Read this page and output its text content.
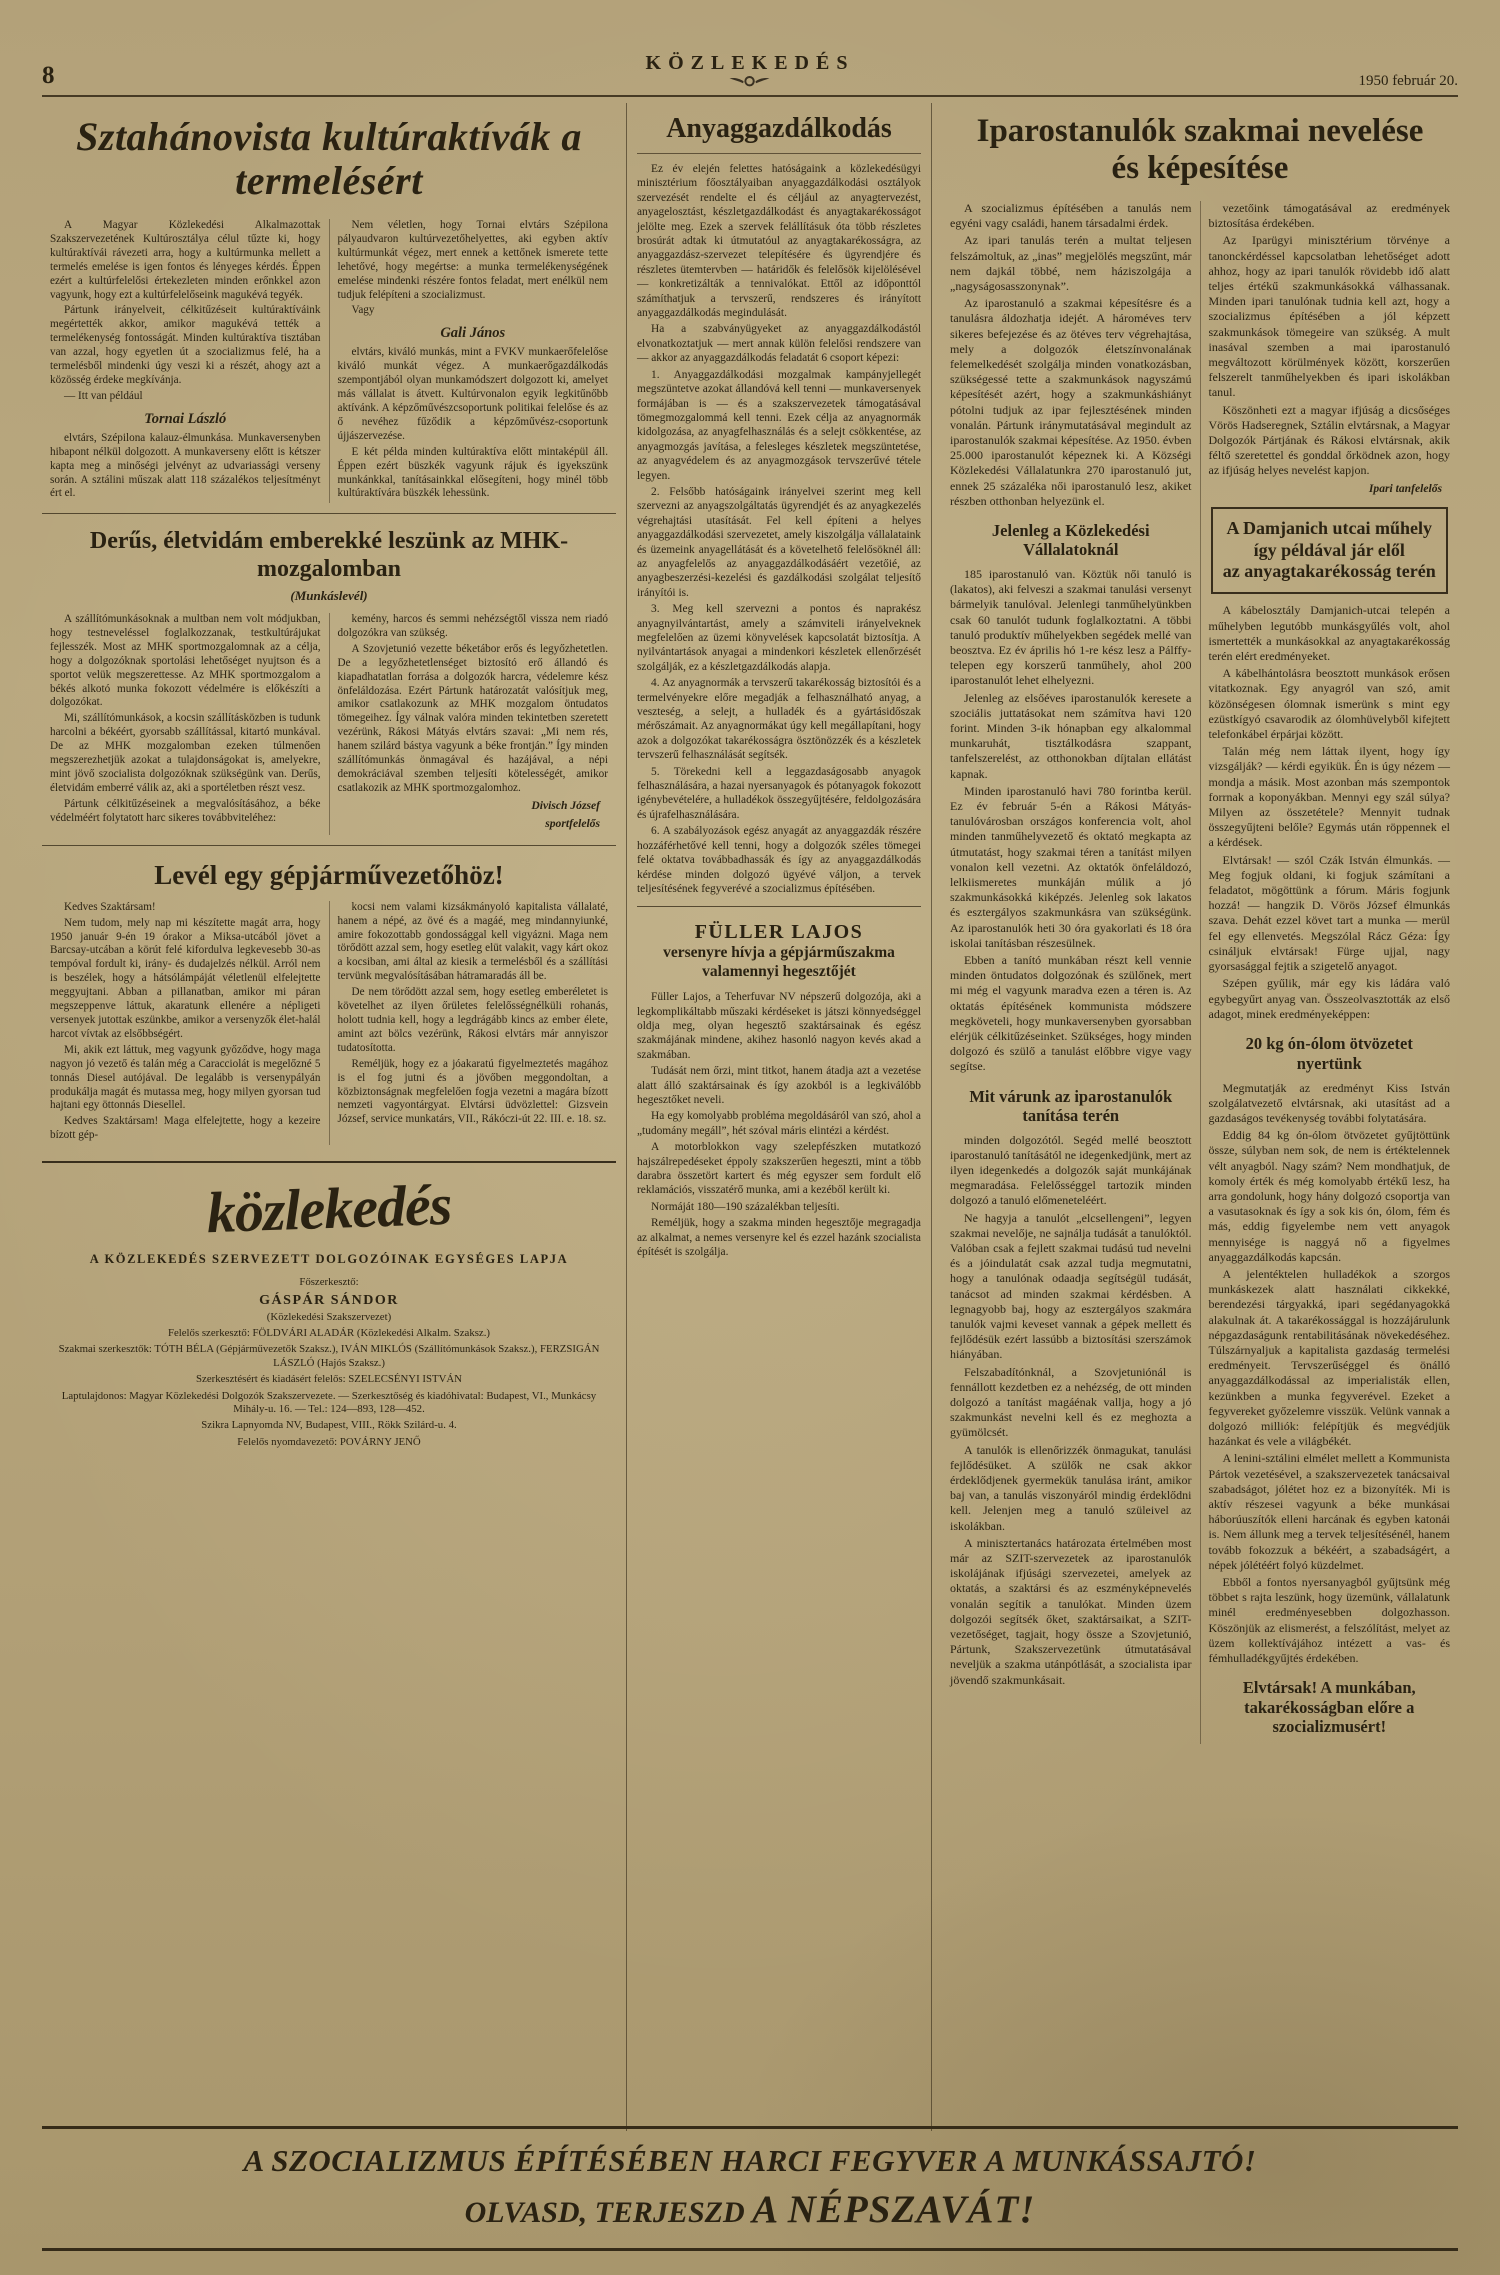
8	KÖZLEKEDÉS
1950 február 20.
Sztahánovista kultúraktívák a termelésért

A Magyar Közlekedési Alkalmazottak Szakszervezetének Kultúrosztálya célul tűzte ki, hogy kultúraktívái rávezeti arra, hogy a kultúrmunka mellett a termelés emelése is igen fontos és lényeges kérdés. Éppen ezért a kultúrfelelősi értekezleten minden erőnkkel azon vagyunk, hogy ezt a kultúrfelelőseink magukévá tegyék.

Pártunk irányelveit, célkitűzéseit kultúraktíváink megértették akkor, amikor magukévá tették a termelékenység fontosságát. Minden kultúraktíva tisztában van azzal, hogy egyetlen út a szocializmus felé, ha a termelésből mindenki úgy veszi ki a részét, ahogy azt a közösség érdeke megkívánja.

— Itt van például

Tornai László

elvtárs, Szépilona kalauz-élmunkása. Munkaversenyben hibapont nélkül dolgozott. A munkaverseny előtt is kétszer kapta meg a minőségi jelvényt az udvariassági verseny során. A sztálini műszak alatt 118 százalékos teljesítményt ért el.

Nem véletlen, hogy Tornai elvtárs Szépilona pályaudvaron kultúrvezetőhelyettes, aki egyben aktív kultúrmunkát végez, mert ennek a kettőnek ismerete tette lehetővé, hogy megértse: a munka termelékenységének emelése mindenki részére fontos feladat, mert enélkül nem tudjuk felépíteni a szocializmust.

Vagy

Gali János

elvtárs, kiváló munkás, mint a FVKV munkaerőfelelőse kiváló munkát végez. A munkaerőgazdálkodás szempontjából olyan munkamódszert dolgozott ki, amelyet más vállalat is átvett. Kultúrvonalon egyik legkitűnőbb aktívánk. A képzőművészcsoportunk politikai felelőse és az ő nevéhez fűződik a képzőművész-csoportunk újjászervezése.

E két példa minden kultúraktíva előtt mintaképül áll. Éppen ezért büszkék vagyunk rájuk és igyekszünk munkánkkal, tanításainkkal elősegíteni, hogy minél több kultúraktívára büszkék lehessünk.

Derűs, életvidám emberekké leszünk az MHK-mozgalomban
(Munkáslevél)

A szállítómunkásoknak a multban nem volt módjukban, hogy testneveléssel foglalkozzanak, testkultúrájukat fejlesszék. Most az MHK sportmozgalomnak az a célja, hogy a dolgozóknak sportolási lehetőséget nyujtson és a sportot velük megszerettesse. Az MHK sportmozgalom a békés alkotó munka fokozott védelmére is előkészíti a dolgozókat.

Mi, szállítómunkások, a kocsin szállításközben is tudunk harcolni a békéért, gyorsabb szállítással, kitartó munkával. De az MHK mozgalomban ezeken túlmenően megszerezhetjük azokat a tulajdonságokat is, amelyekre, mint jövő szocialista dolgozóknak szükségünk van. Derűs, életvidám emberré válik az, aki a sportéletben részt vesz.

Pártunk célkitűzéseinek a megvalósításához, a béke védelméért folytatott harc sikeres továbbviteléhez:

kemény, harcos és semmi nehézségtől vissza nem riadó dolgozókra van szükség.

A Szovjetunió vezette béketábor erős és legyőzhetetlen. De a legyőzhetetlenséget biztosító erő állandó és kiapadhatatlan forrása a dolgozók harcra, védelemre kész önfeláldozása. Ezért Pártunk határozatát valósítjuk meg, amikor csatlakozunk az MHK mozgalom öntudatos tömegeihez. Így válnak valóra minden tekintetben szeretett vezérünk, Rákosi Mátyás elvtárs szavai: „Mi nem rés, hanem szilárd bástya vagyunk a béke frontján.” Így minden szállítómunkás önmagával és hazájával, a népi demokráciával szemben teljesíti kötelességét, amikor csatlakozik az MHK sportmozgalomhoz.

Divisch József

sportfelelős

Levél egy gépjárművezetőhöz!

Kedves Szaktársam!

Nem tudom, mely nap mi készítette magát arra, hogy 1950 január 9-én 19 órakor a Miksa-utcából jövet a Barcsay-utcában a körút felé kifordulva legkevesebb 30-as tempóval fordult ki, irány- és dudajelzés nélkül. Arról nem is beszélek, hogy a hátsólámpáját véletlenül elfelejtette meggyujtani. Abban a pillanatban, amikor mi páran megszeppenve láttuk, akaratunk ellenére a népligeti versenyek jutottak eszünkbe, amikor a versenyzők élet-halál harcot vívtak az elsőbbségért.

Mi, akik ezt láttuk, meg vagyunk győződve, hogy maga nagyon jó vezető és talán még a Caracciolát is megelőzné 5 tonnás Diesel autójával. De legalább is versenypályán produkálja magát és mutassa meg, hogy milyen gyorsan tud hajtani egy öttonnás Diesellel.

Kedves Szaktársam! Maga elfelejtette, hogy a kezeire bízott gép-

kocsi nem valami kizsákmányoló kapitalista vállalaté, hanem a népé, az övé és a magáé, meg mindannyiunké, amire fokozottabb gondossággal kell vigyázni. Maga nem törődött azzal sem, hogy esetleg elüt valakit, vagy kárt okoz a kocsiban, ami által az kiesik a termelésből és a szállítási tervünk megvalósításában hátramaradás áll be.

De nem törődött azzal sem, hogy esetleg emberéletet is követelhet az ilyen őrületes felelősségnélküli rohanás, holott tudnia kell, hogy a legdrágább kincs az ember élete, amint azt bölcs vezérünk, Rákosi elvtárs már annyiszor tudatosította.

Reméljük, hogy ez a jóakaratú figyelmeztetés magához is el fog jutni és a jövőben meggondoltan, a közbiztonságnak megfelelően fogja vezetni a magára bízott nemzeti vagyontárgyat. Elvtársi üdvözlettel: Gizsvein József, service munkatárs, VII., Rákóczi-út 22. III. e. 18. sz.

közlekedés
A KÖZLEKEDÉS SZERVEZETT DOLGOZÓINAK EGYSÉGES LAPJA

Főszerkesztő:

GÁSPÁR SÁNDOR

(Közlekedési Szakszervezet)

Felelős szerkesztő: FÖLDVÁRI ALADÁR (Közlekedési Alkalm. Szaksz.)

Szakmai szerkesztők: TÓTH BÉLA (Gépjárművezetők Szaksz.), IVÁN MIKLÓS (Szállítómunkások Szaksz.), FERZSIGÁN LÁSZLÓ (Hajós Szaksz.)

Szerkesztésért és kiadásért felelős: SZELECSÉNYI ISTVÁN

Laptulajdonos: Magyar Közlekedési Dolgozók Szakszervezete. — Szerkesztőség és kiadóhivatal: Budapest, VI., Munkácsy Mihály-u. 16. — Tel.: 124—893, 128—452.

Szikra Lapnyomda NV, Budapest, VIII., Rökk Szilárd-u. 4.

Felelős nyomdavezető: POVÁRNY JENŐ

Anyaggazdálkodás

Ez év elején felettes hatóságaink a közlekedésügyi minisztérium főosztályaiban anyaggazdálkodási osztályok szervezését rendelte el és céljául az anyagtervezést, anyagelosztást, készletgazdálkodást és anyagtakarékosságot jelölte meg. Ezek a szervek felállításuk óta több részletes brosúrát adtak ki útmutatóul az anyagtakarékosságra, az anyaggazdász-szervezet telepítésére és ügyrendjére és részletes ütemtervben — határidők és felelősök kijelölésével — konkretizálták a tennivalókat. Ettől az időponttól számíthatjuk a tervszerű, rendszeres és irányított anyaggazdálkodás megindulását.

Ha a szabványügyeket az anyaggazdálkodástól elvonatkoztatjuk — mert annak külön felelősi rendszere van — akkor az anyaggazdálkodás feladatát 6 csoport képezi:

1. Anyaggazdálkodási mozgalmak kampányjellegét megszüntetve azokat állandóvá kell tenni — munkaversenyek formájában is — és a szakszervezetek támogatásával tömegmozgalommá kell tenni. Ezek célja az anyagnormák kidolgozása, az anyagfelhasználás és a selejt csökkentése, az anyagmozgás javítása, a felesleges készletek megszüntetése, az anyagvédelem és az anyagmozgások tervszerűvé tétele legyen.

2. Felsőbb hatóságaink irányelvei szerint meg kell szervezni az anyagszolgáltatás ügyrendjét és az anyagkezelés végrehajtási utasítását. Fel kell építeni a helyes anyaggazdálkodási szervezetet, amely kiszolgálja vállalataink és üzemeink anyagellátását és a követelhető felelősöknél áll: az anyagfelelős az anyaggazdálkodásáért vezetőié, az anyagbeszerzési-kezelési és gazdálkodási szolgálat teljesítő irányítói is.

3. Meg kell szervezni a pontos és naprakész anyagnyilvántartást, amely a számviteli irányelveknek megfelelően az üzemi könyvelések kapcsolatát biztosítja. A nyilvántartások anyagai a mindenkori készletek ellenőrzését szolgálják, ez a készletgazdálkodás alapja.

4. Az anyagnormák a tervszerű takarékosság biztosítói és a termelvényekre előre megadják a felhasználható anyag, a veszteség, a selejt, a hulladék és a gyártásidőszak mérőszámait. Az anyagnormákat úgy kell megállapítani, hogy azok a dolgozókat takarékosságra ösztönözzék és a készletek tervszerű felhasználását segítsék.

5. Törekedni kell a leggazdaságosabb anyagok felhasználására, a hazai nyersanyagok és pótanyagok fokozott igénybevételére, a hulladékok összegyűjtésére, feldolgozására és újrafelhasználására.

6. A szabályozások egész anyagát az anyaggazdák részére hozzáférhetővé kell tenni, hogy a dolgozók széles tömegei felé oktatva továbbadhassák és így az anyaggazdálkodás kérdése minden dolgozó ügyévé váljon, a tervek teljesítésének fegyverévé a szocializmus építésében.

FÜLLER LAJOS
versenyre hívja a gépjárműszakma
valamennyi hegesztőjét

Füller Lajos, a Teherfuvar NV népszerű dolgozója, aki a legkomplikáltabb műszaki kérdéseket is játszi könnyedséggel oldja meg, olyan hegesztő szaktársainak és egész szakmájának mindene, akihez hasonló nagyon kevés akad a szakmában.

Tudását nem őrzi, mint titkot, hanem átadja azt a vezetése alatt álló szaktársainak és így azokból is a legkiválóbb hegesztőket neveli.

Ha egy komolyabb probléma megoldásáról van szó, ahol a „tudomány megáll”, hét szóval máris elintézi a kérdést.

A motorblokkon vagy szelepfészken mutatkozó hajszálrepedéseket éppoly szakszerűen hegeszti, mint a több darabra összetört kartert és még egyszer sem fordult elő reklamációs, visszatérő munka, ami a kezéből került ki.

Normáját 180—190 százalékban teljesíti.

Reméljük, hogy a szakma minden hegesztője megragadja az alkalmat, a nemes versenyre kel és ezzel hazánk szocialista építését is szolgálja.

Iparostanulók szakmai nevelése
és képesítése

A szocializmus építésében a tanulás nem egyéni vagy családi, hanem társadalmi érdek.

Az ipari tanulás terén a multat teljesen felszámoltuk, az „inas” megjelölés megszűnt, már nem dajkál többé, nem háziszolgája a „nagyságosasszonynak”.

Az iparostanuló a szakmai képesítésre és a tanulásra áldozhatja idejét. A hároméves terv sikeres befejezése és az ötéves terv végrehajtása, mely a dolgozók életszínvonalának felemelkedését szolgálja minden vonatkozásban, szükségessé tette a szakmunkások nagyszámú képesítését azért, hogy a szakmunkáshiányt pótolni tudjuk az ipar fejlesztésének minden vonalán. Pártunk iránymutatásával megindult az iparostanulók szakmai képesítése. Az 1950. évben 25.000 iparostanulót képeznek ki. A Községi Közlekedési Vállalatunkra 270 iparostanuló jut, ennek 25 százaléka női iparostanuló lesz, akiket részben otthonban helyezünk el.

Jelenleg a Közlekedési Vállalatoknál

185 iparostanuló van. Köztük női tanuló is (lakatos), aki felveszi a szakmai tanulási versenyt bármelyik tanulóval. Jelenlegi tanműhelyünkben csak 60 tanulót tudunk foglalkoztatni. A többi tanuló produktív műhelyekben segédek mellé van beosztva. Ez év április hó 1-re kész lesz a Pálffy-telepen egy korszerű tanműhely, ahol 200 iparostanulót lehet elhelyezni.

Jelenleg az elsőéves iparostanulók keresete a szociális juttatásokat nem számítva havi 120 forint. Minden 3-ik hónapban egy alkalommal munkaruhát, tisztálkodásra szappant, tanfelszerelést, az otthonokban díjtalan ellátást kapnak.

Minden iparostanuló havi 780 forintba kerül. Ez év február 5-én a Rákosi Mátyás-tanulóvárosban országos konferencia volt, ahol minden tanműhelyvezető és oktató megkapta az útmutatást, hogy szakmai téren a tanítást milyen vonalon kell vezetni. Az oktatók önfeláldozó, lelkiismeretes munkáján múlik a jó szakmunkásokká kiképzés. Jelenleg sok lakatos és esztergályos szakmunkásra van szükségünk. Az iparostanulók heti 30 óra gyakorlati és 18 óra iskolai tanításban részesülnek.

Ebben a tanító munkában részt kell vennie minden öntudatos dolgozónak és szülőnek, mert mi még el vagyunk maradva ezen a téren is. Az oktatás építésének kommunista módszere megköveteli, hogy munkaversenyben gyorsabban elérjük célkitűzéseinket. Szükséges, hogy minden dolgozó és szülő a tanulást előbbre vigye vagy segítse.

Mit várunk az iparostanulók tanítása terén

minden dolgozótól. Segéd mellé beosztott iparostanuló tanításától ne idegenkedjünk, mert az ilyen idegenkedés a dolgozók saját munkájának megmaradása. Felelősséggel tartozik minden dolgozó a tanuló előmeneteléért.

Ne hagyja a tanulót „elcsellengeni”, legyen szakmai nevelője, ne sajnálja tudását a tanulóktól. Valóban csak a fejlett szakmai tudású tud nevelni és a jóindulatát csak azzal tudja megmutatni, hogy a tanulónak odaadja segítségül tudását, tanácsot ad minden szakmai kérdésben. A legnagyobb baj, hogy az esztergályos szakmára tanulók vajmi keveset vannak a gépek mellett és fejlődésük ezért lassúbb a biztosítási szerszámok hiányában.

Felszabadítónknál, a Szovjetuniónál is fennállott kezdetben ez a nehézség, de ott minden dolgozó a tanítást magáénak vallja, hogy a jó szakmunkást nevelni kell és ez meghozta a gyümölcsét.

A tanulók is ellenőrizzék önmagukat, tanulási fejlődésüket. A szülők ne csak akkor érdeklődjenek gyermekük tanulása iránt, amikor baj van, a tanulás viszonyáról mindig érdeklődni kell. Jelenjen meg a tanuló szüleivel az iskolákban.

A minisztertanács határozata értelmében most már az SZIT-szervezetek az iparostanulók iskolájának ifjúsági szervezetei, amelyek az oktatás, a szaktársi és az eszményképnevelés vonalán segítik a tanulókat. Minden üzem dolgozói segítsék őket, szaktársaikat, a SZIT-vezetőséget, tagjait, hogy össze a Szovjetunió, Pártunk, Szakszervezetünk útmutatásával neveljük a szakma utánpótlását, a szocialista ipar jövendő szakmunkásait.

vezetőink támogatásával az eredmények biztosítása érdekében.

Az Iparügyi minisztérium törvénye a tanonckérdéssel kapcsolatban lehetőséget adott ahhoz, hogy az ipari tanulók rövidebb idő alatt teljes értékű szakmunkásokká válhassanak. Minden ipari tanulónak tudnia kell azt, hogy a szocializmus építésében a jól képzett szakmunkások tömegeire van szükség. A mult inasával szemben a mai iparostanuló megváltozott körülmények között, korszerűen felszerelt tanműhelyekben és ipari iskolákban tanul.

Köszönheti ezt a magyar ifjúság a dicsőséges Vörös Hadseregnek, Sztálin elvtársnak, a Magyar Dolgozók Pártjának és Rákosi elvtársnak, akik féltő szeretettel és gonddal őrködnek azon, hogy az ifjúság helyes nevelést kapjon.

Ipari tanfelelős

A Damjanich utcai műhely
így példával jár elől
az anyagtakarékosság terén

A kábelosztály Damjanich-utcai telepén a műhelyben legutóbb munkásgyűlés volt, ahol ismertették a munkásokkal az anyagtakarékosság terén elért eredményeket.

A kábelhántolásra beosztott munkások erősen vitatkoznak. Egy anyagról van szó, amit közönségesen ólomnak ismerünk s mint egy ezüstkígyó csavarodik az ólomhüvelyből kifejtett telefonkábel érpárjai között.

Talán még nem láttak ilyent, hogy így vizsgálják? — kérdi egyikük. Én is úgy nézem — mondja a másik. Most azonban más szempontok forrnak a koponyákban. Mennyi egy szál súlya? Milyen az összetétele? Mennyit tudnak összegyűjteni belőle? Egymás után röppennek el a kérdések.

Elvtársak! — szól Czák István élmunkás. — Meg fogjuk oldani, ki fogjuk számítani a feladatot, mögöttünk a fórum. Máris fogjunk hozzá! — hangzik D. Vörös József élmunkás szava. Dehát ezzel követ tart a munka — merül fel egy ellenvetés. Megszólal Rácz Géza: Így csináljuk elvtársak! Fürge ujjal, nagy gyorsasággal fejtik a szigetelő anyagot.

Szépen gyűlik, már egy kis ládára való egybegyűrt anyag van. Összeolvasztották az első adagot, minek eredményeképpen:

20 kg ón-ólom ötvözetet nyertünk

Megmutatják az eredményt Kiss István szolgálatvezető elvtársnak, aki utasítást ad a gazdaságos tevékenység további folytatására.

Eddig 84 kg ón-ólom ötvözetet gyűjtöttünk össze, súlyban nem sok, de nem is értéktelennek vélt anyagból. Nagy szám? Nem mondhatjuk, de komoly érték és még komolyabb értékű lesz, ha arra gondolunk, hogy hány dolgozó csoportja van a vasutasoknak és így a sok kis ón, ólom, fém és más, eddig figyelembe nem vett anyagok mennyisége is naggyá nő a figyelmes anyaggazdálkodás kapcsán.

A jelentéktelen hulladékok a szorgos munkáskezek alatt használati cikkekké, berendezési tárgyakká, ipari segédanyagokká alakulnak át. A takarékossággal is hozzájárulunk népgazdaságunk rentabilitásának növekedéséhez. Túlszárnyaljuk a kapitalista gazdaság termelési eredményeit. Tervszerűséggel és önálló anyaggazdálkodással az imperialisták ellen, kezünkben a munka fegyverével. Ezeket a fegyvereket győzelemre visszük. Velünk vannak a dolgozó milliók: felépítjük és megvédjük hazánkat és vele a világbékét.

A lenini-sztálini elmélet mellett a Kommunista Pártok vezetésével, a szakszervezetek tanácsaival szabadságot, jólétet hoz ez a bizonyíték. Mi is aktív részesei vagyunk a béke munkásai háborúuszítók elleni harcának és egyben katonái is. Nem állunk meg a tervek teljesítésénél, hanem tovább fokozzuk a békéért, a szabadságért, a népek jólétéért folyó küzdelmet.

Ebből a fontos nyersanyagból gyűjtsünk még többet s rajta leszünk, hogy üzemünk, vállalatunk minél eredményesebben dolgozhasson. Köszönjük az elismerést, a felszólítást, melyet az üzem kollektívájához intézett a vas- és fémhulladékgyűjtés érdekében.

Elvtársak! A munkában, takarékosságban előre a szocializmusért!
A SZOCIALIZMUS ÉPÍTÉSÉBEN HARCI FEGYVER A MUNKÁSSAJTÓ!
OLVASD, TERJESZD A NÉPSZAVÁT!
